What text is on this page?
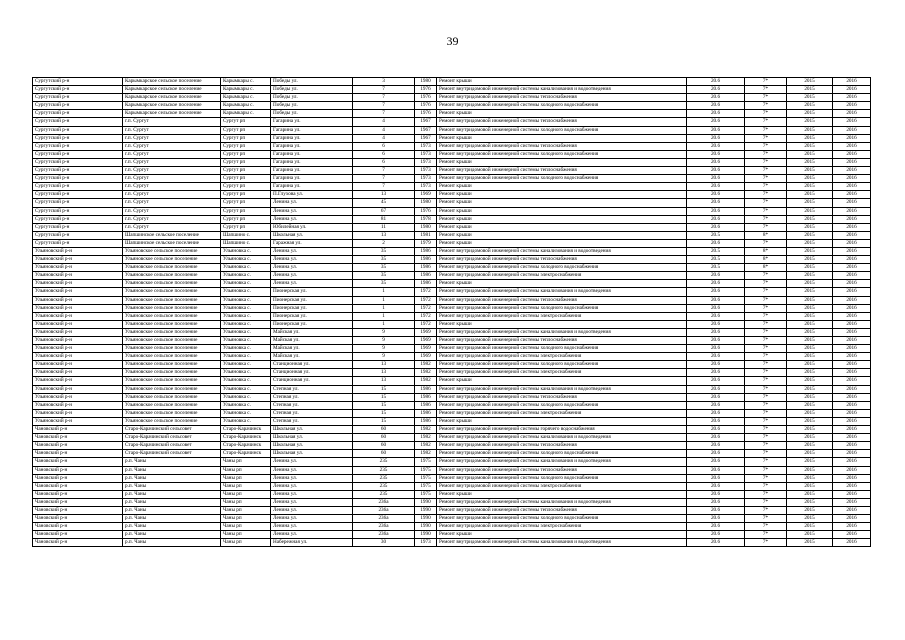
39
Сургутский р-н	Карымкарское сельское поселение	Карымкары с.	Победы ул.	3	1980	Ремонт крыши	20.6	7*	2015	2016
Сургутский р-н	Карымкарское сельское поселение	Карымкары с.	Победы ул.	7	1976	Ремонт внутридомовой инженерной системы канализования и водоотведения	20.6	7*	2015	2016
Сургутский р-н	Карымкарское сельское поселение	Карымкары с.	Победы ул.	7	1976	Ремонт внутридомовой инженерной системы теплоснабжения	20.6	7*	2015	2016
Сургутский р-н	Карымкарское сельское поселение	Карымкары с.	Победы ул.	7	1976	Ремонт внутридомовой инженерной системы холодного водоснабжения	20.6	7*	2015	2016
Сургутский р-н	Карымкарское сельское поселение	Карымкары с.	Победы ул.	7	1976	Ремонт крыши	20.6	7*	2015	2016
Сургутский р-н	г.п. Сургут	Сургут рп	Гагарина ул.	4	1967	Ремонт внутридомовой инженерной системы теплоснабжения	20.6	7*	2015	2016
Сургутский р-н	г.п. Сургут	Сургут рп	Гагарина ул.	4	1967	Ремонт внутридомовой инженерной системы холодного водоснабжения	20.6	7*	2015	2016
Сургутский р-н	г.п. Сургут	Сургут рп	Гагарина ул.	4	1967	Ремонт крыши	20.6	7*	2015	2016
Сургутский р-н	г.п. Сургут	Сургут рп	Гагарина ул.	6	1973	Ремонт внутридомовой инженерной системы теплоснабжения	20.6	7*	2015	2016
Сургутский р-н	г.п. Сургут	Сургут рп	Гагарина ул.	6	1973	Ремонт внутридомовой инженерной системы холодного водоснабжения	20.6	7*	2015	2016
Сургутский р-н	г.п. Сургут	Сургут рп	Гагарина ул.	6	1973	Ремонт крыши	20.6	7*	2015	2016
Сургутский р-н	г.п. Сургут	Сургут рп	Гагарина ул.	7	1973	Ремонт внутридомовой инженерной системы теплоснабжения	20.6	7*	2015	2016
Сургутский р-н	г.п. Сургут	Сургут рп	Гагарина ул.	7	1973	Ремонт внутридомовой инженерной системы холодного водоснабжения	20.6	7*	2015	2016
Сургутский р-н	г.п. Сургут	Сургут рп	Гагарина ул.	7	1973	Ремонт крыши	20.6	7*	2015	2016
Сургутский р-н	г.п. Сургут	Сургут рп	П.Глухова ул.	13	1969	Ремонт крыши	20.6	7*	2015	2016
Сургутский р-н	г.п. Сургут	Сургут рп	Ленина ул.	45	1980	Ремонт крыши	20.6	7*	2015	2016
Сургутский р-н	г.п. Сургут	Сургут рп	Ленина ул.	67	1976	Ремонт крыши	20.6	7*	2015	2016
Сургутский р-н	г.п. Сургут	Сургут рп	Ленина ул.	81	1978	Ремонт крыши	20.6	7*	2015	2016
Сургутский р-н	г.п. Сургут	Сургут рп	Юбилейная ул.	11	1980	Ремонт крыши	20.6	7*	2015	2016
Сургутский р-н	Шапшинское сельское поселение	Шапшино с.	Школьная ул.	13	1981	Ремонт крыши	20.5	8*	2015	2016
Сургутский р-н	Шапшинское сельское поселение	Шапшино с.	Гаражная ул.	2	1979	Ремонт крыши	20.6	7*	2015	2016
Ульяновский р-н	Ульяновское сельское поселение	Ульяновка с.	Ленина ул.	35	1986	Ремонт внутридомовой инженерной системы канализования и водоотведения	20.5	8*	2015	2016
Ульяновский р-н	Ульяновское сельское поселение	Ульяновка с.	Ленина ул.	35	1986	Ремонт внутридомовой инженерной системы теплоснабжения	20.5	8*	2015	2016
Ульяновский р-н	Ульяновское сельское поселение	Ульяновка с.	Ленина ул.	35	1986	Ремонт внутридомовой инженерной системы холодного водоснабжения	20.5	8*	2015	2016
Ульяновский р-н	Ульяновское сельское поселение	Ульяновка с.	Ленина ул.	35	1986	Ремонт внутридомовой инженерной системы электроснабжения	20.6	7*	2015	2016
Ульяновский р-н	Ульяновское сельское поселение	Ульяновка с.	Ленина ул.	35	1986	Ремонт крыши	20.6	7*	2015	2016
Ульяновский р-н	Ульяновское сельское поселение	Ульяновка с.	Пионерская ул.	1	1972	Ремонт внутридомовой инженерной системы канализования и водоотведения	20.6	7*	2015	2016
Ульяновский р-н	Ульяновское сельское поселение	Ульяновка с.	Пионерская ул.	1	1972	Ремонт внутридомовой инженерной системы теплоснабжения	20.6	7*	2015	2016
Ульяновский р-н	Ульяновское сельское поселение	Ульяновка с.	Пионерская ул.	1	1972	Ремонт внутридомовой инженерной системы холодного водоснабжения	20.6	7*	2015	2016
Ульяновский р-н	Ульяновское сельское поселение	Ульяновка с.	Пионерская ул.	1	1972	Ремонт внутридомовой инженерной системы электроснабжения	20.6	7*	2015	2016
Ульяновский р-н	Ульяновское сельское поселение	Ульяновка с.	Пионерская ул.	1	1972	Ремонт крыши	20.6	7*	2015	2016
Ульяновский р-н	Ульяновское сельское поселение	Ульяновка с.	Майская ул.	9	1969	Ремонт внутридомовой инженерной системы канализования и водоотведения	20.6	7*	2015	2016
Ульяновский р-н	Ульяновское сельское поселение	Ульяновка с.	Майская ул.	9	1969	Ремонт внутридомовой инженерной системы теплоснабжения	20.6	7*	2015	2016
Ульяновский р-н	Ульяновское сельское поселение	Ульяновка с.	Майская ул.	9	1969	Ремонт внутридомовой инженерной системы холодного водоснабжения	20.6	7*	2015	2016
Ульяновский р-н	Ульяновское сельское поселение	Ульяновка с.	Майская ул.	9	1969	Ремонт внутридомовой инженерной системы электроснабжения	20.6	7*	2015	2016
Ульяновский р-н	Ульяновское сельское поселение	Ульяновка с.	Станционная ул.	13	1982	Ремонт внутридомовой инженерной системы холодного водоснабжения	20.6	7*	2015	2016
Ульяновский р-н	Ульяновское сельское поселение	Ульяновка с.	Станционная ул.	13	1982	Ремонт внутридомовой инженерной системы электроснабжения	20.6	7*	2015	2016
Ульяновский р-н	Ульяновское сельское поселение	Ульяновка с.	Станционная ул.	13	1982	Ремонт крыши	20.6	7*	2015	2016
Ульяновский р-н	Ульяновское сельское поселение	Ульяновка с.	Степная ул.	15	1986	Ремонт внутридомовой инженерной системы канализования и водоотведения	20.6	7*	2015	2016
Ульяновский р-н	Ульяновское сельское поселение	Ульяновка с.	Степная ул.	15	1986	Ремонт внутридомовой инженерной системы теплоснабжения	20.6	7*	2015	2016
Ульяновский р-н	Ульяновское сельское поселение	Ульяновка с.	Степная ул.	15	1986	Ремонт внутридомовой инженерной системы холодного водоснабжения	20.6	7*	2015	2016
Ульяновский р-н	Ульяновское сельское поселение	Ульяновка с.	Степная ул.	15	1986	Ремонт внутридомовой инженерной системы электроснабжения	20.6	7*	2015	2016
Ульяновский р-н	Ульяновское сельское поселение	Ульяновка с.	Степная ул.	15	1986	Ремонт крыши	20.6	7*	2015	2016
Чановский р-н	Старо-Карачинский сельсовет	Старо-Карачинск	Школьная ул.	60	1982	Ремонт внутридомовой инженерной системы горячего водоснабжения	20.6	7*	2015	2016
Чановский р-н	Старо-Карачинский сельсовет	Старо-Карачинск	Школьная ул.	60	1982	Ремонт внутридомовой инженерной системы канализования и водоотведения	20.6	7*	2015	2016
Чановский р-н	Старо-Карачинский сельсовет	Старо-Карачинск	Школьная ул.	60	1982	Ремонт внутридомовой инженерной системы теплоснабжения	20.6	7*	2015	2016
Чановский р-н	Старо-Карачинский сельсовет	Старо-Карачинск	Школьная ул.	60	1982	Ремонт внутридомовой инженерной системы холодного водоснабжения	20.6	7*	2015	2016
Чановский р-н	р.п. Чаны	Чаны рп	Ленина ул.	235	1975	Ремонт внутридомовой инженерной системы канализования и водоотведения	20.6	7*	2015	2016
Чановский р-н	р.п. Чаны	Чаны рп	Ленина ул.	235	1975	Ремонт внутридомовой инженерной системы теплоснабжения	20.6	7*	2015	2016
Чановский р-н	р.п. Чаны	Чаны рп	Ленина ул.	235	1975	Ремонт внутридомовой инженерной системы холодного водоснабжения	20.6	7*	2015	2016
Чановский р-н	р.п. Чаны	Чаны рп	Ленина ул.	235	1975	Ремонт внутридомовой инженерной системы электроснабжения	20.6	7*	2015	2016
Чановский р-н	р.п. Чаны	Чаны рп	Ленина ул.	235	1975	Ремонт крыши	20.6	7*	2015	2016
Чановский р-н	р.п. Чаны	Чаны рп	Ленина ул.	236а	1990	Ремонт внутридомовой инженерной системы канализования и водоотведения	20.6	7*	2015	2016
Чановский р-н	р.п. Чаны	Чаны рп	Ленина ул.	236а	1990	Ремонт внутридомовой инженерной системы теплоснабжения	20.6	7*	2015	2016
Чановский р-н	р.п. Чаны	Чаны рп	Ленина ул.	236а	1990	Ремонт внутридомовой инженерной системы холодного водоснабжения	20.6	7*	2015	2016
Чановский р-н	р.п. Чаны	Чаны рп	Ленина ул.	236а	1990	Ремонт внутридомовой инженерной системы электроснабжения	20.6	7*	2015	2016
Чановский р-н	р.п. Чаны	Чаны рп	Ленина ул.	236а	1990	Ремонт крыши	20.6	7*	2015	2016
Чановский р-н	р.п. Чаны	Чаны рп	Набережная ул.	30	1973	Ремонт внутридомовой инженерной системы канализования и водоотведения	20.6	7*	2015	2016
